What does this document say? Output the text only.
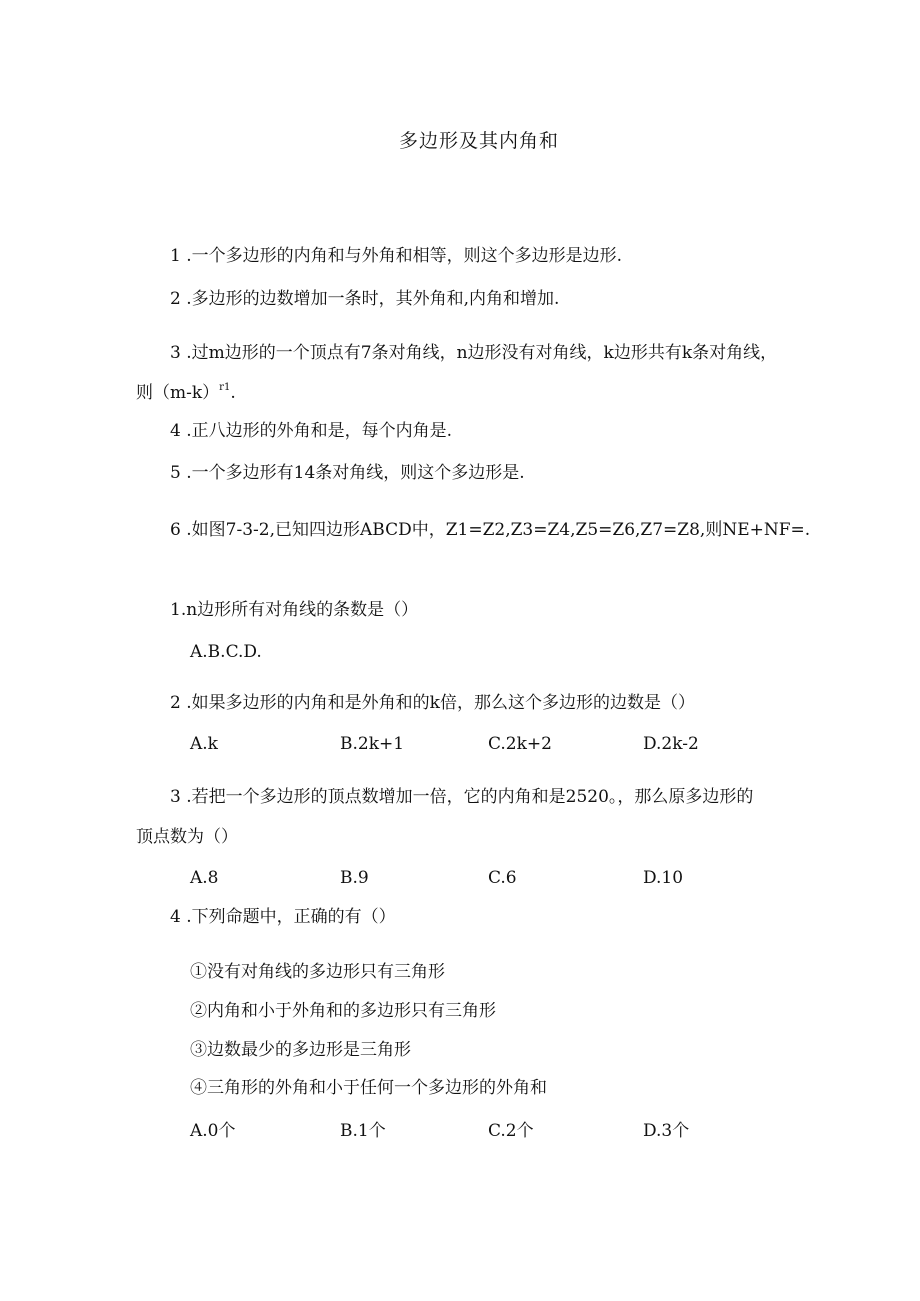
多边形及其内角和
1 .一个多边形的内角和与外角和相等，则这个多边形是边形.
2 .多边形的边数增加一条时，其外角和,内角和增加.
3 .过m边形的一个顶点有7条对角线，n边形没有对角线，k边形共有k条对角线，
则$(m-k)^{r1}$.
4 .正八边形的外角和是，每个内角是.
5 .一个多边形有14条对角线，则这个多边形是.
6 .如图7-3-2,已知四边形ABCD中，Z1=Z2,Z3=Z4,Z5=Z6,Z7=Z8,则NE+NF=.
1.n边形所有对角线的条数是（）
A.B.C.D.
2 .如果多边形的内角和是外角和的k倍，那么这个多边形的边数是（）
A.k	B.2k+1	C.2k+2	D.2k-2
3 .若把一个多边形的顶点数增加一倍，它的内角和是2520。，那么原多边形的
顶点数为（）
A.8	B.9	C.6	D.10
4 .下列命题中，正确的有（）
①没有对角线的多边形只有三角形
②内角和小于外角和的多边形只有三角形
③边数最少的多边形是三角形
④三角形的外角和小于任何一个多边形的外角和
A.0个	B.1个	C.2个	D.3个
